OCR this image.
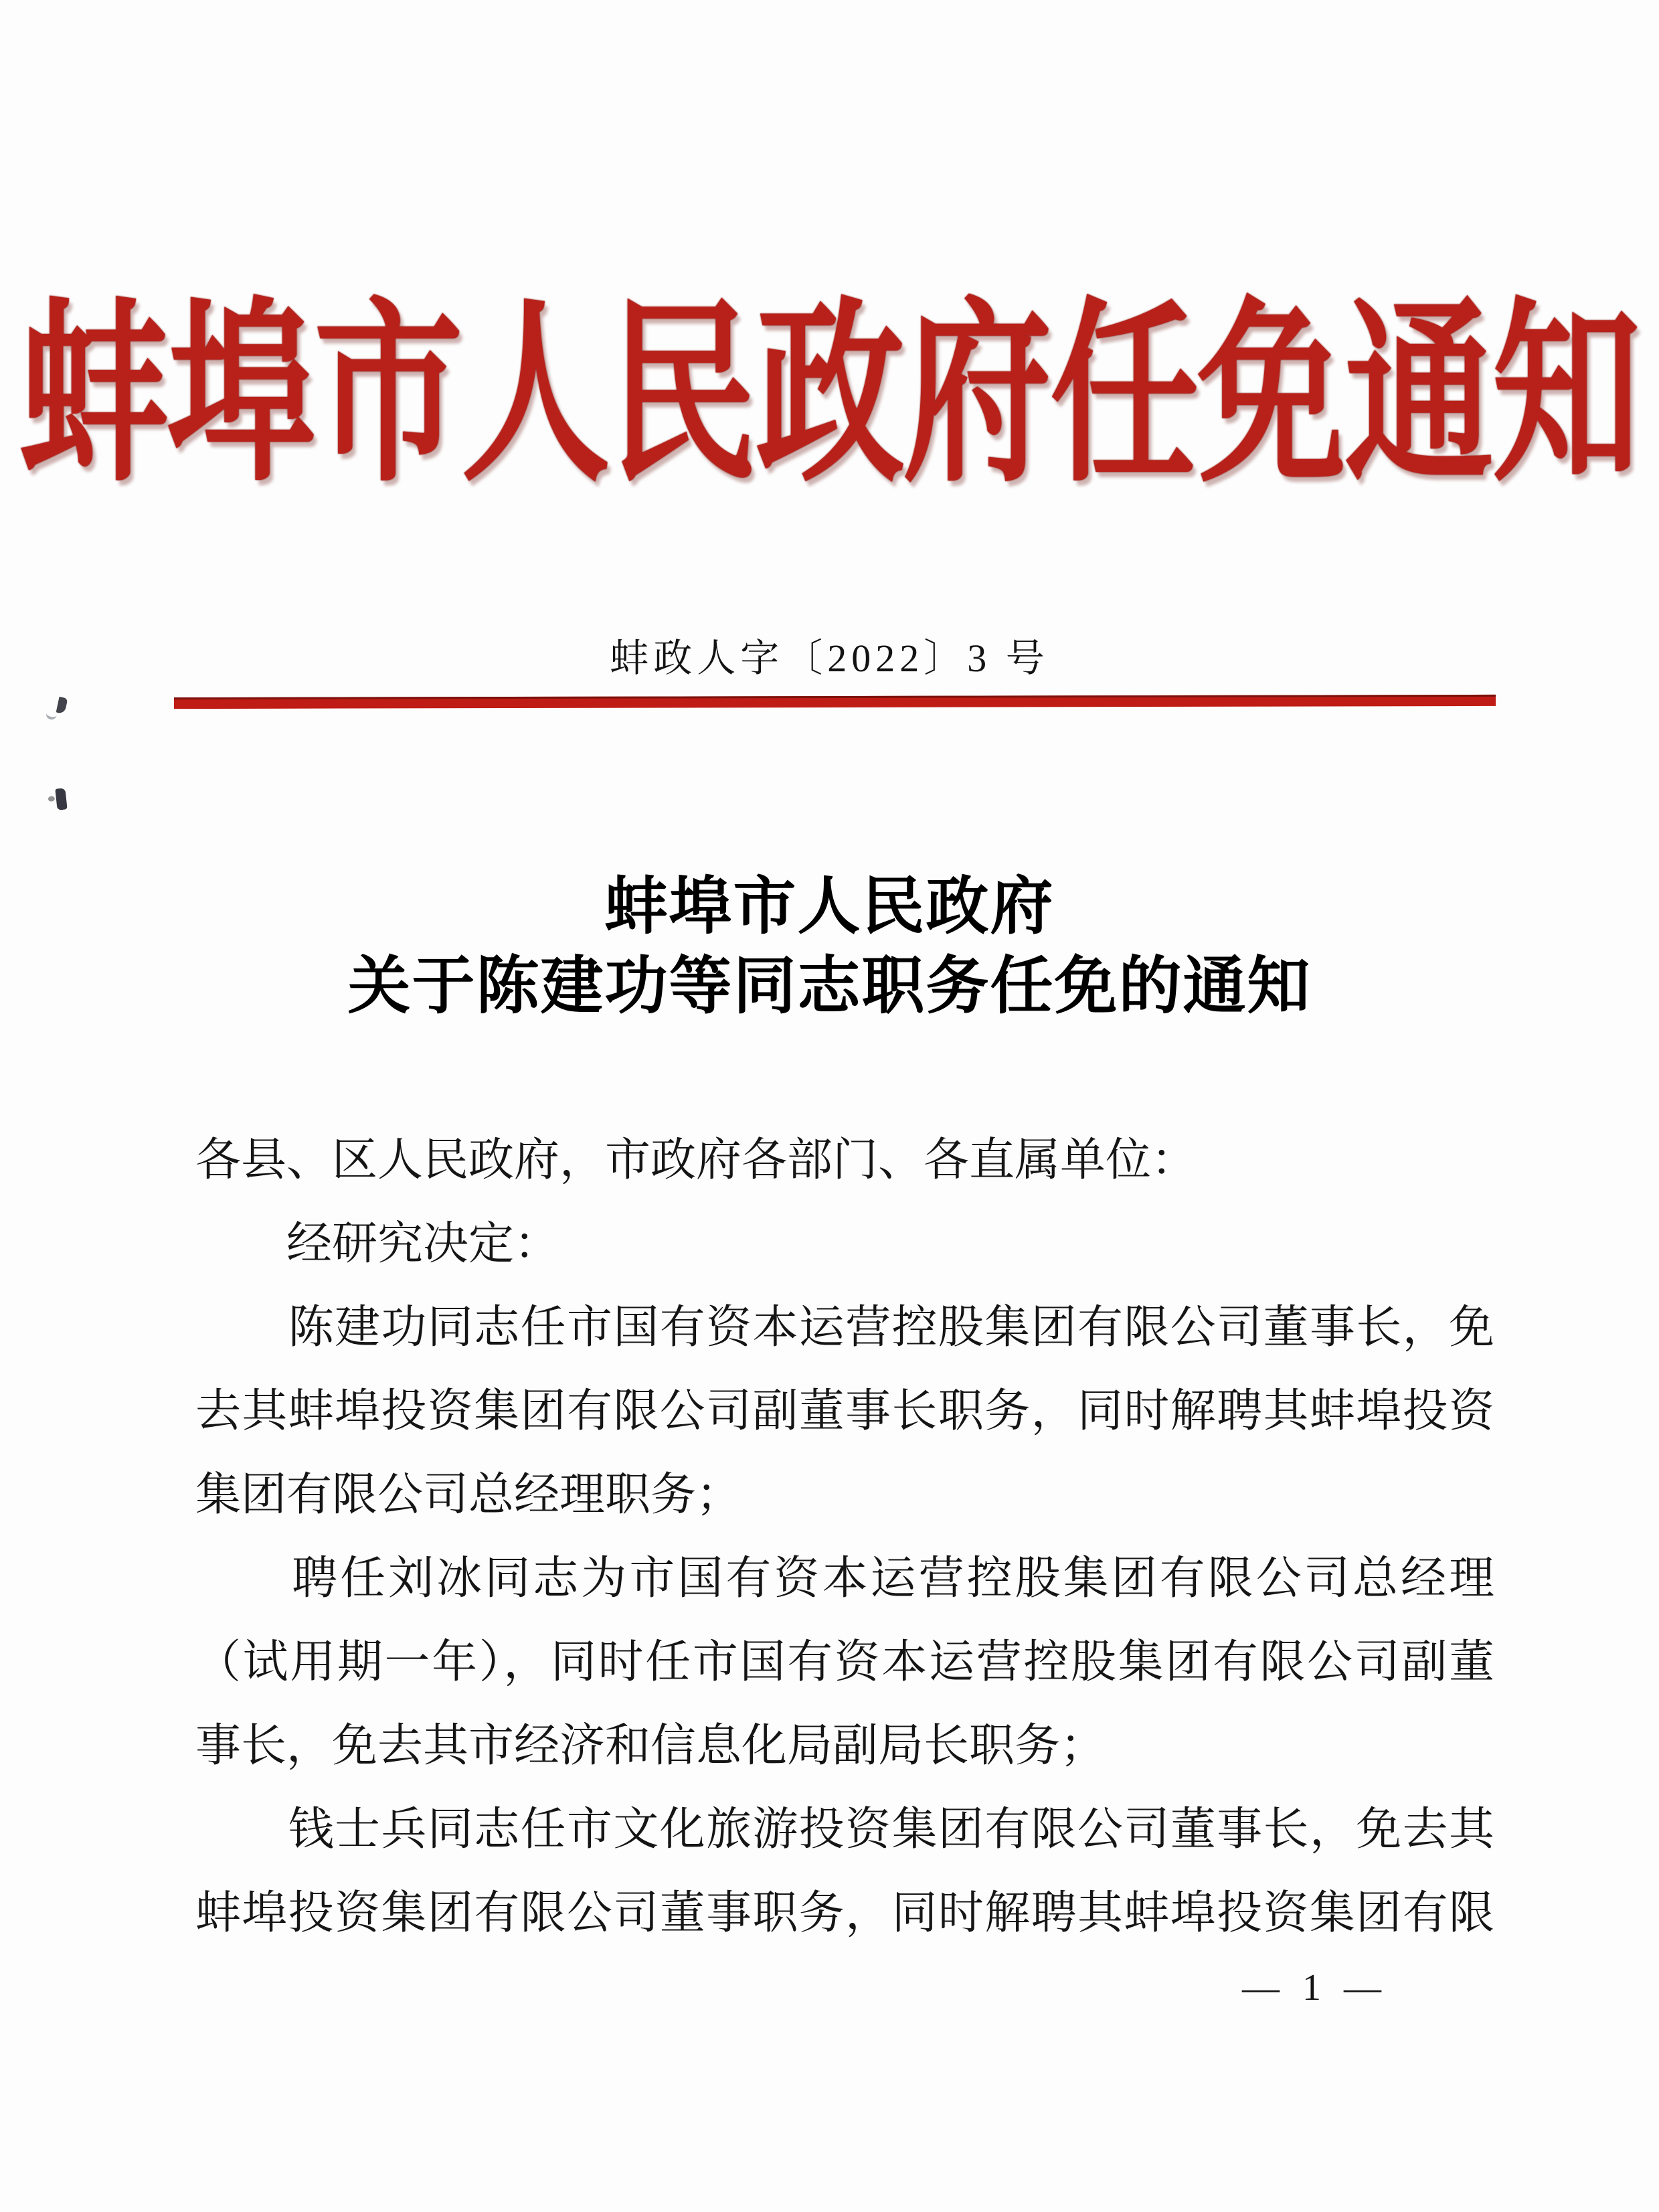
蚌埠市人民政府任免通知
蚌政人字〔2022〕3 号
蚌埠市人民政府
关于陈建功等同志职务任免的通知
各县、区人民政府，市政府各部门、各直属单位：
　　经研究决定：
　　陈建功同志任市国有资本运营控股集团有限公司董事长，免
去其蚌埠投资集团有限公司副董事长职务，同时解聘其蚌埠投资
集团有限公司总经理职务；
　　聘任刘冰同志为市国有资本运营控股集团有限公司总经理
（试用期一年），同时任市国有资本运营控股集团有限公司副董
事长，免去其市经济和信息化局副局长职务；
　　钱士兵同志任市文化旅游投资集团有限公司董事长，免去其
蚌埠投资集团有限公司董事职务，同时解聘其蚌埠投资集团有限
— 1 —
